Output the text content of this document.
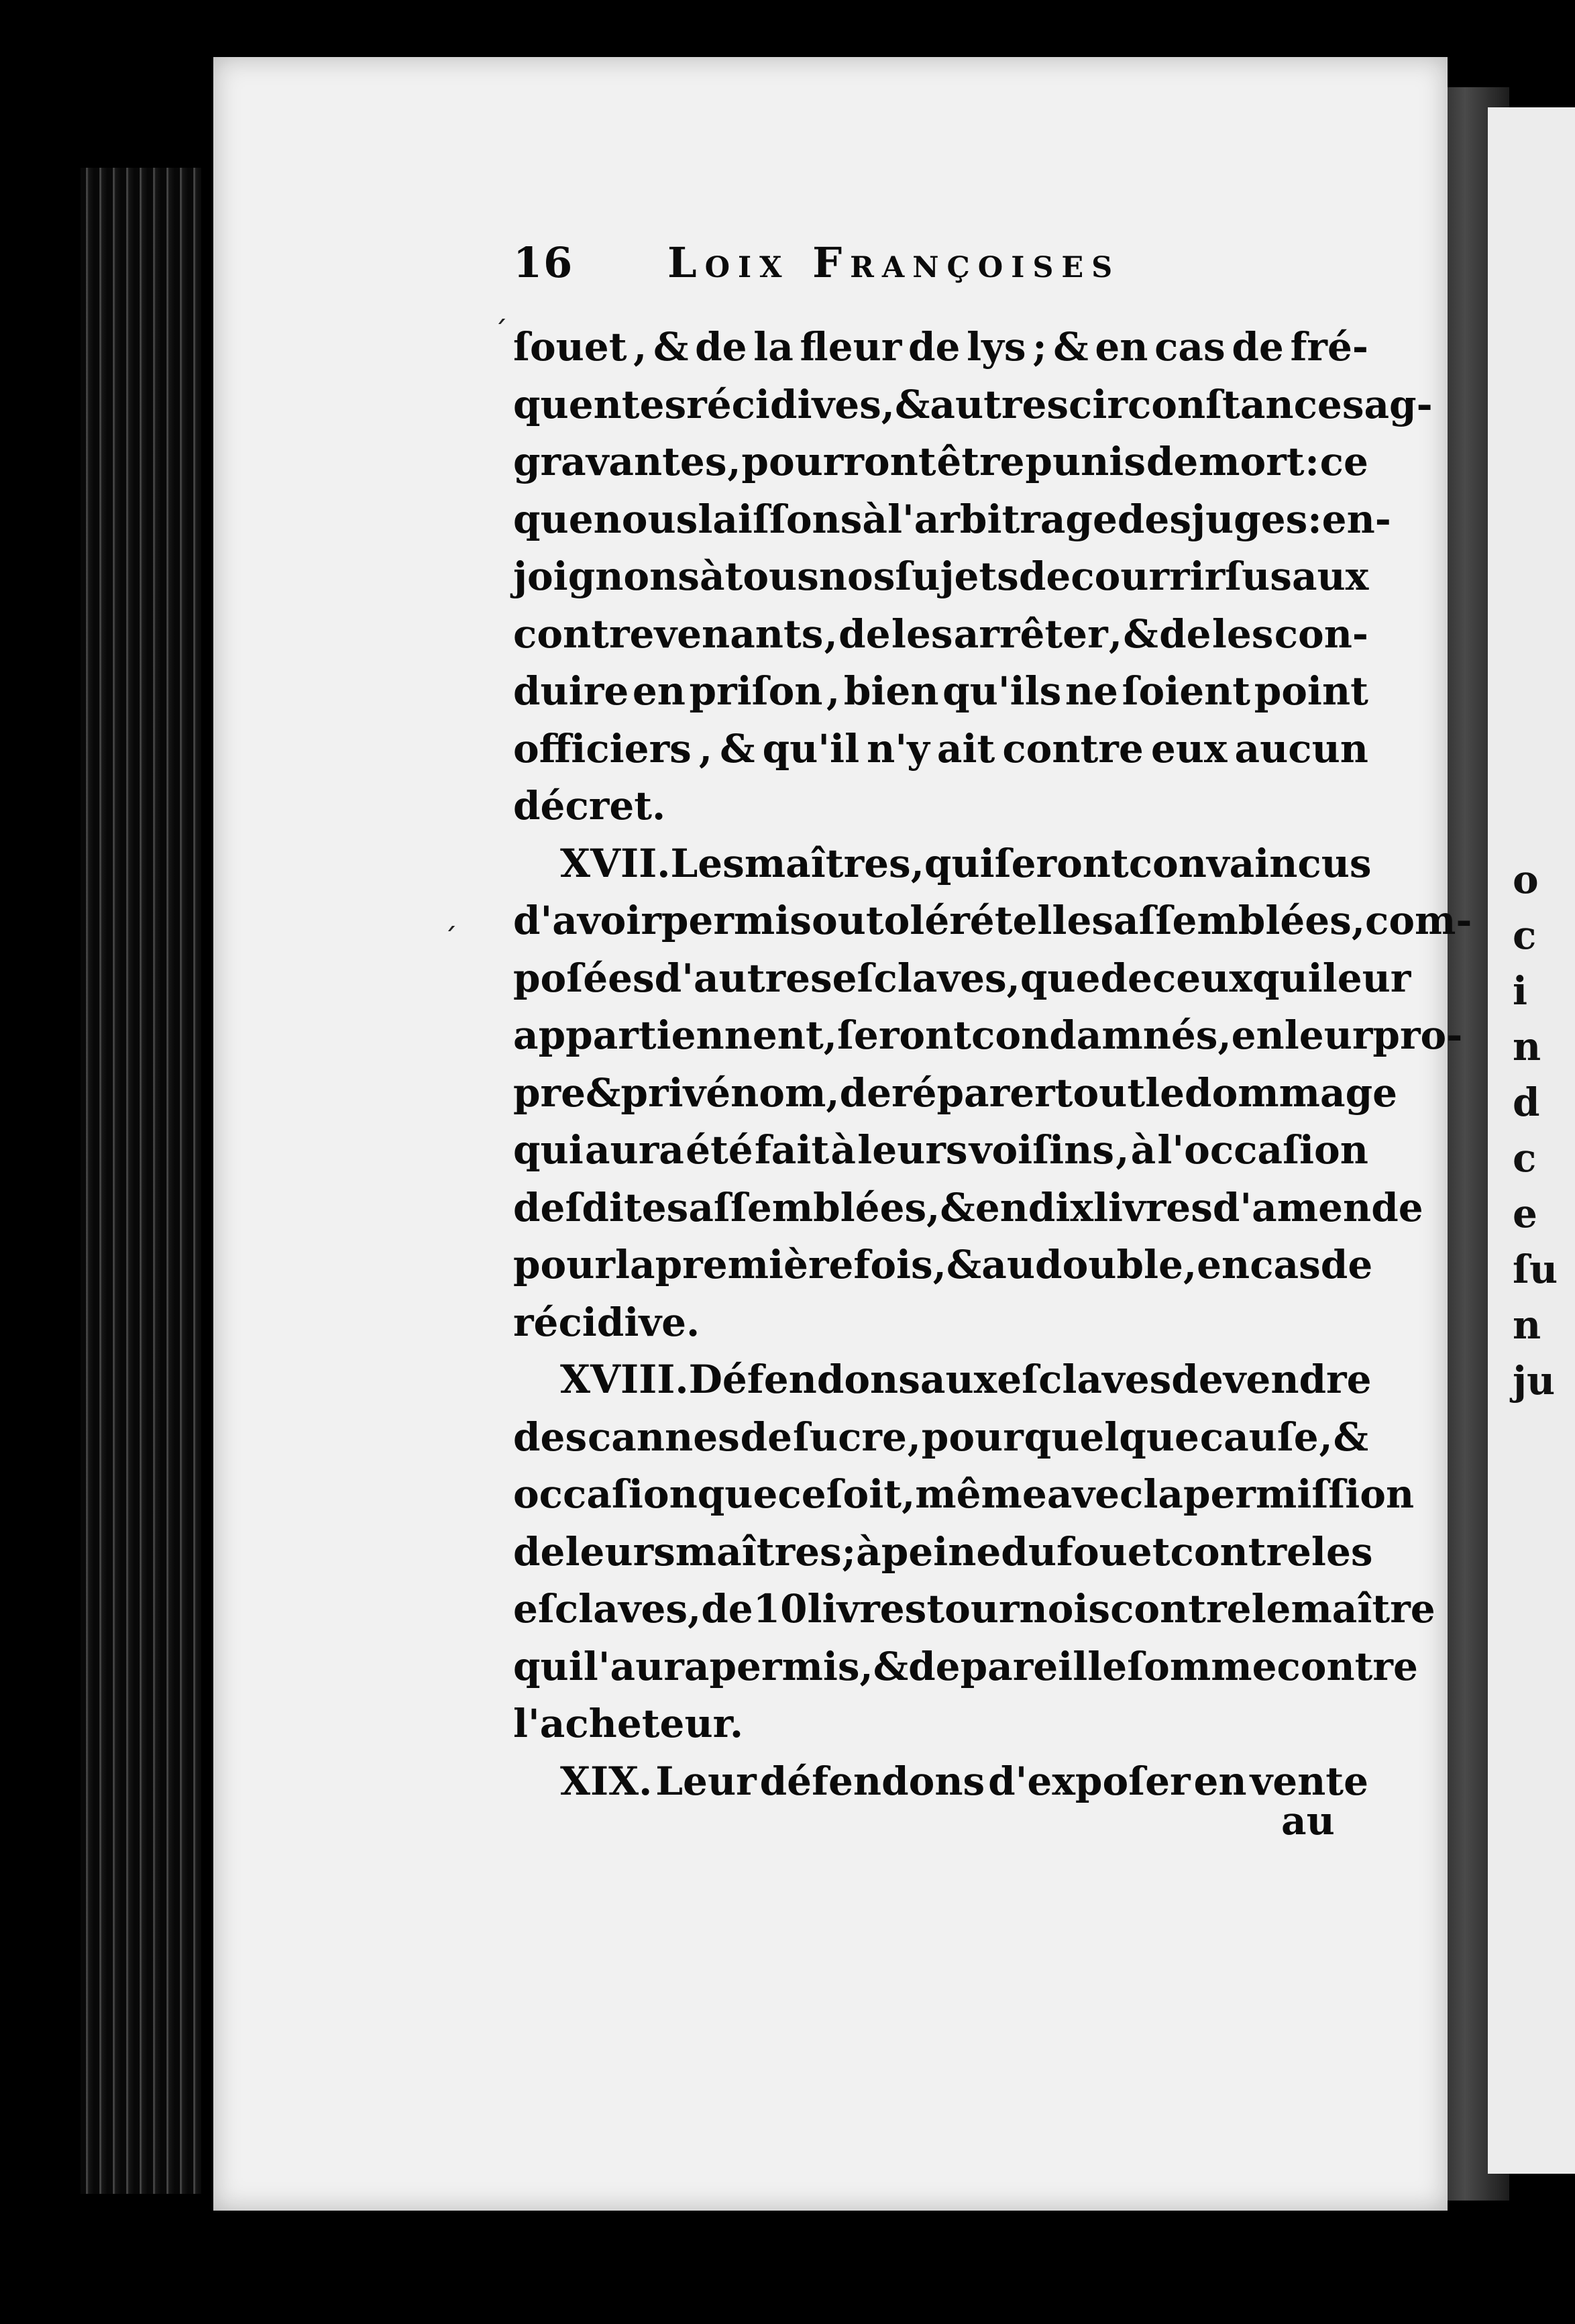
o
c
i
n
d
c
e
ſu
n
ju
ˊ
ˊ
16	Loix Françoises
ſouet , & de la fleur de lys ; & en cas de fré-
quentes récidives , & autres circonſtances ag-
gravantes , pourront être punis de mort : ce
que nous laiſſons à l'arbitrage des juges : en-
joignons à tous nos ſujets de courrir ſus aux
contrevenants , de les arrêter , & de les con-
duire en priſon , bien qu'ils ne ſoient point
officiers , & qu'il n'y ait contre eux aucun
décret.
XVII. Les maîtres , qui ſeront convaincus
d'avoir permis ou toléré telles aſſemblées , com-
poſées d'autres eſclaves , que de ceux qui leur
appartiennent , ſeront condamnés , en leur pro-
pre & privé nom , de réparer tout le dommage
qui aura été fait à leurs voiſins , à l'occaſion
deſdites aſſemblées , & en dix livres d'amende
pour la première fois , & au double , en cas de
récidive.
XVIII. Défendons aux eſclaves de vendre
des cannes de ſucre , pour quelque cauſe , &
occaſion que ce ſoit , même avec la permiſſion
de leurs maîtres ; à peine du fouet contre les
eſclaves , de 10 livres tournois contre le maître
qui l'aura permis , & de pareille ſomme contre
l'acheteur.
XIX. Leur défendons d'expoſer en vente
au
